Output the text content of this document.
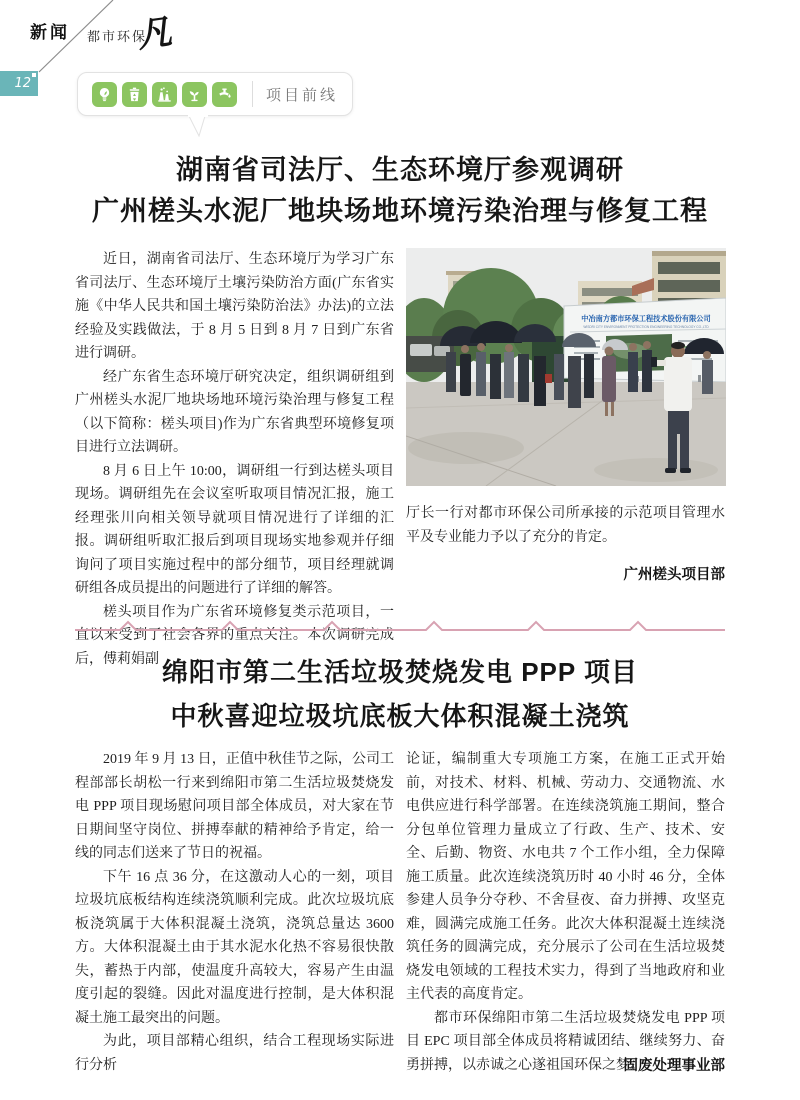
新闻 都市环保
凡
12
项目前线
湖南省司法厅、生态环境厅参观调研
广州槎头水泥厂地块场地环境污染治理与修复工程

近日，湖南省司法厅、生态环境厅为学习广东省司法厅、生态环境厅土壤污染防治方面(广东省实施《中华人民共和国土壤污染防治法》办法)的立法经验及实践做法，于 8 月 5 日到 8 月 7 日到广东省进行调研。

经广东省生态环境厅研究决定，组织调研组到广州槎头水泥厂地块场地环境污染治理与修复工程（以下简称：槎头项目)作为广东省典型环境修复项目进行立法调研。

8 月 6 日上午 10:00，调研组一行到达槎头项目现场。调研组先在会议室听取项目情况汇报，施工经理张川向相关领导就项目情况进行了详细的汇报。调研组听取汇报后到项目现场实地参观并仔细询问了项目实施过程中的部分细节，项目经理就调研组各成员提出的问题进行了详细的解答。

槎头项目作为广东省环境修复类示范项目，一直以来受到了社会各界的重点关注。本次调研完成后，傅莉娟副

中冶南方都市环保工程技术股份有限公司
WISDRI CITY ENVIRONMENT PROTECTION ENGINEERING TECHNOLOGY CO.,LTD

厅长一行对都市环保公司所承接的示范项目管理水平及专业能力予以了充分的肯定。

广州槎头项目部
绵阳市第二生活垃圾焚烧发电 PPP 项目
中秋喜迎垃圾坑底板大体积混凝土浇筑

2019 年 9 月 13 日，正值中秋佳节之际，公司工程部部长胡松一行来到绵阳市第二生活垃圾焚烧发电 PPP 项目现场慰问项目部全体成员，对大家在节日期间坚守岗位、拼搏奉献的精神给予肯定，给一线的同志们送来了节日的祝福。

下午 16 点 36 分，在这激动人心的一刻，项目垃圾坑底板结构连续浇筑顺利完成。此次垃圾坑底板浇筑属于大体积混凝土浇筑，浇筑总量达 3600 方。大体积混凝土由于其水泥水化热不容易很快散失，蓄热于内部，使温度升高较大，容易产生由温度引起的裂缝。因此对温度进行控制，是大体积混凝土施工最突出的问题。

为此，项目部精心组织，结合工程现场实际进行分析

论证，编制重大专项施工方案，在施工正式开始前，对技术、材料、机械、劳动力、交通物流、水电供应进行科学部署。在连续浇筑施工期间，整合分包单位管理力量成立了行政、生产、技术、安全、后勤、物资、水电共 7 个工作小组，全力保障施工质量。此次连续浇筑历时 40 小时 46 分，全体参建人员争分夺秒、不舍昼夜、奋力拼搏、攻坚克难，圆满完成施工任务。此次大体积混凝土连续浇筑任务的圆满完成，充分展示了公司在生活垃圾焚烧发电领域的工程技术实力，得到了当地政府和业主代表的高度肯定。

都市环保绵阳市第二生活垃圾焚烧发电 PPP 项目 EPC 项目部全体成员将精诚团结、继续努力、奋勇拼搏，以赤诚之心遂祖国环保之梦。

固废处理事业部
